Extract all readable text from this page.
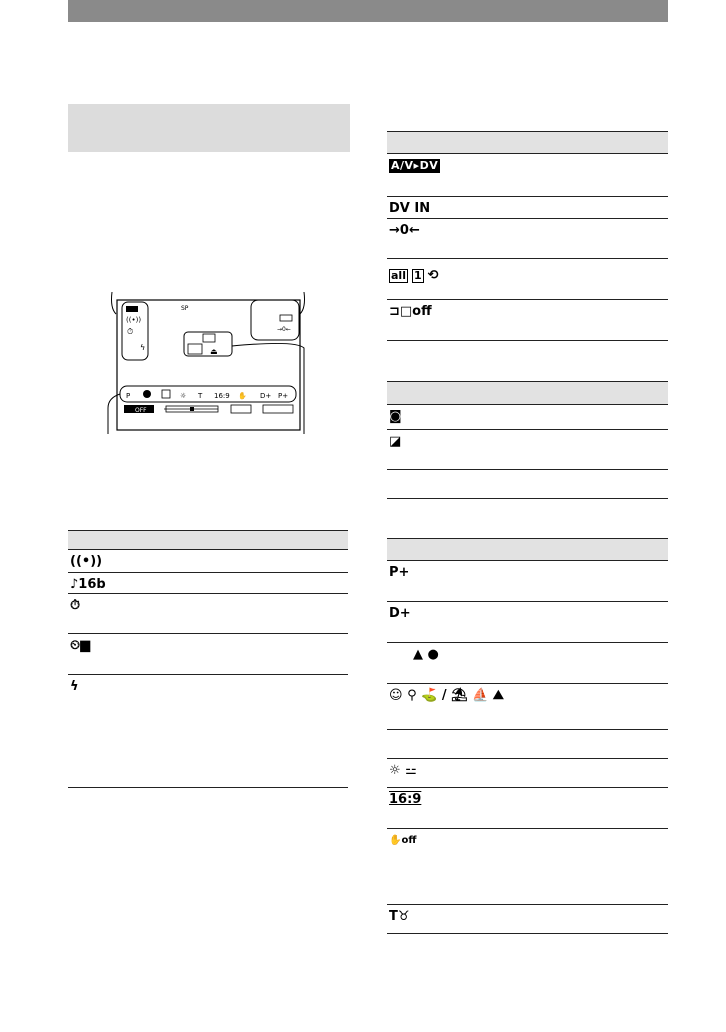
((•))
⏱
ϟ
SP
→0←
⏏
P	☼ T 16:9 ✋ D+ P+
OFF
((•))
♪16b
⏱
⏲▆
ϟ
A/V▸DV
DV IN
→0←
all 1 ⟲
⊐□off
◙
◪
P+
D+
▲ ●
☺ ⚲ ⛳ / ⛱ ⛵ ⛰
☼ ⚍
16:9
✋off
T♉
